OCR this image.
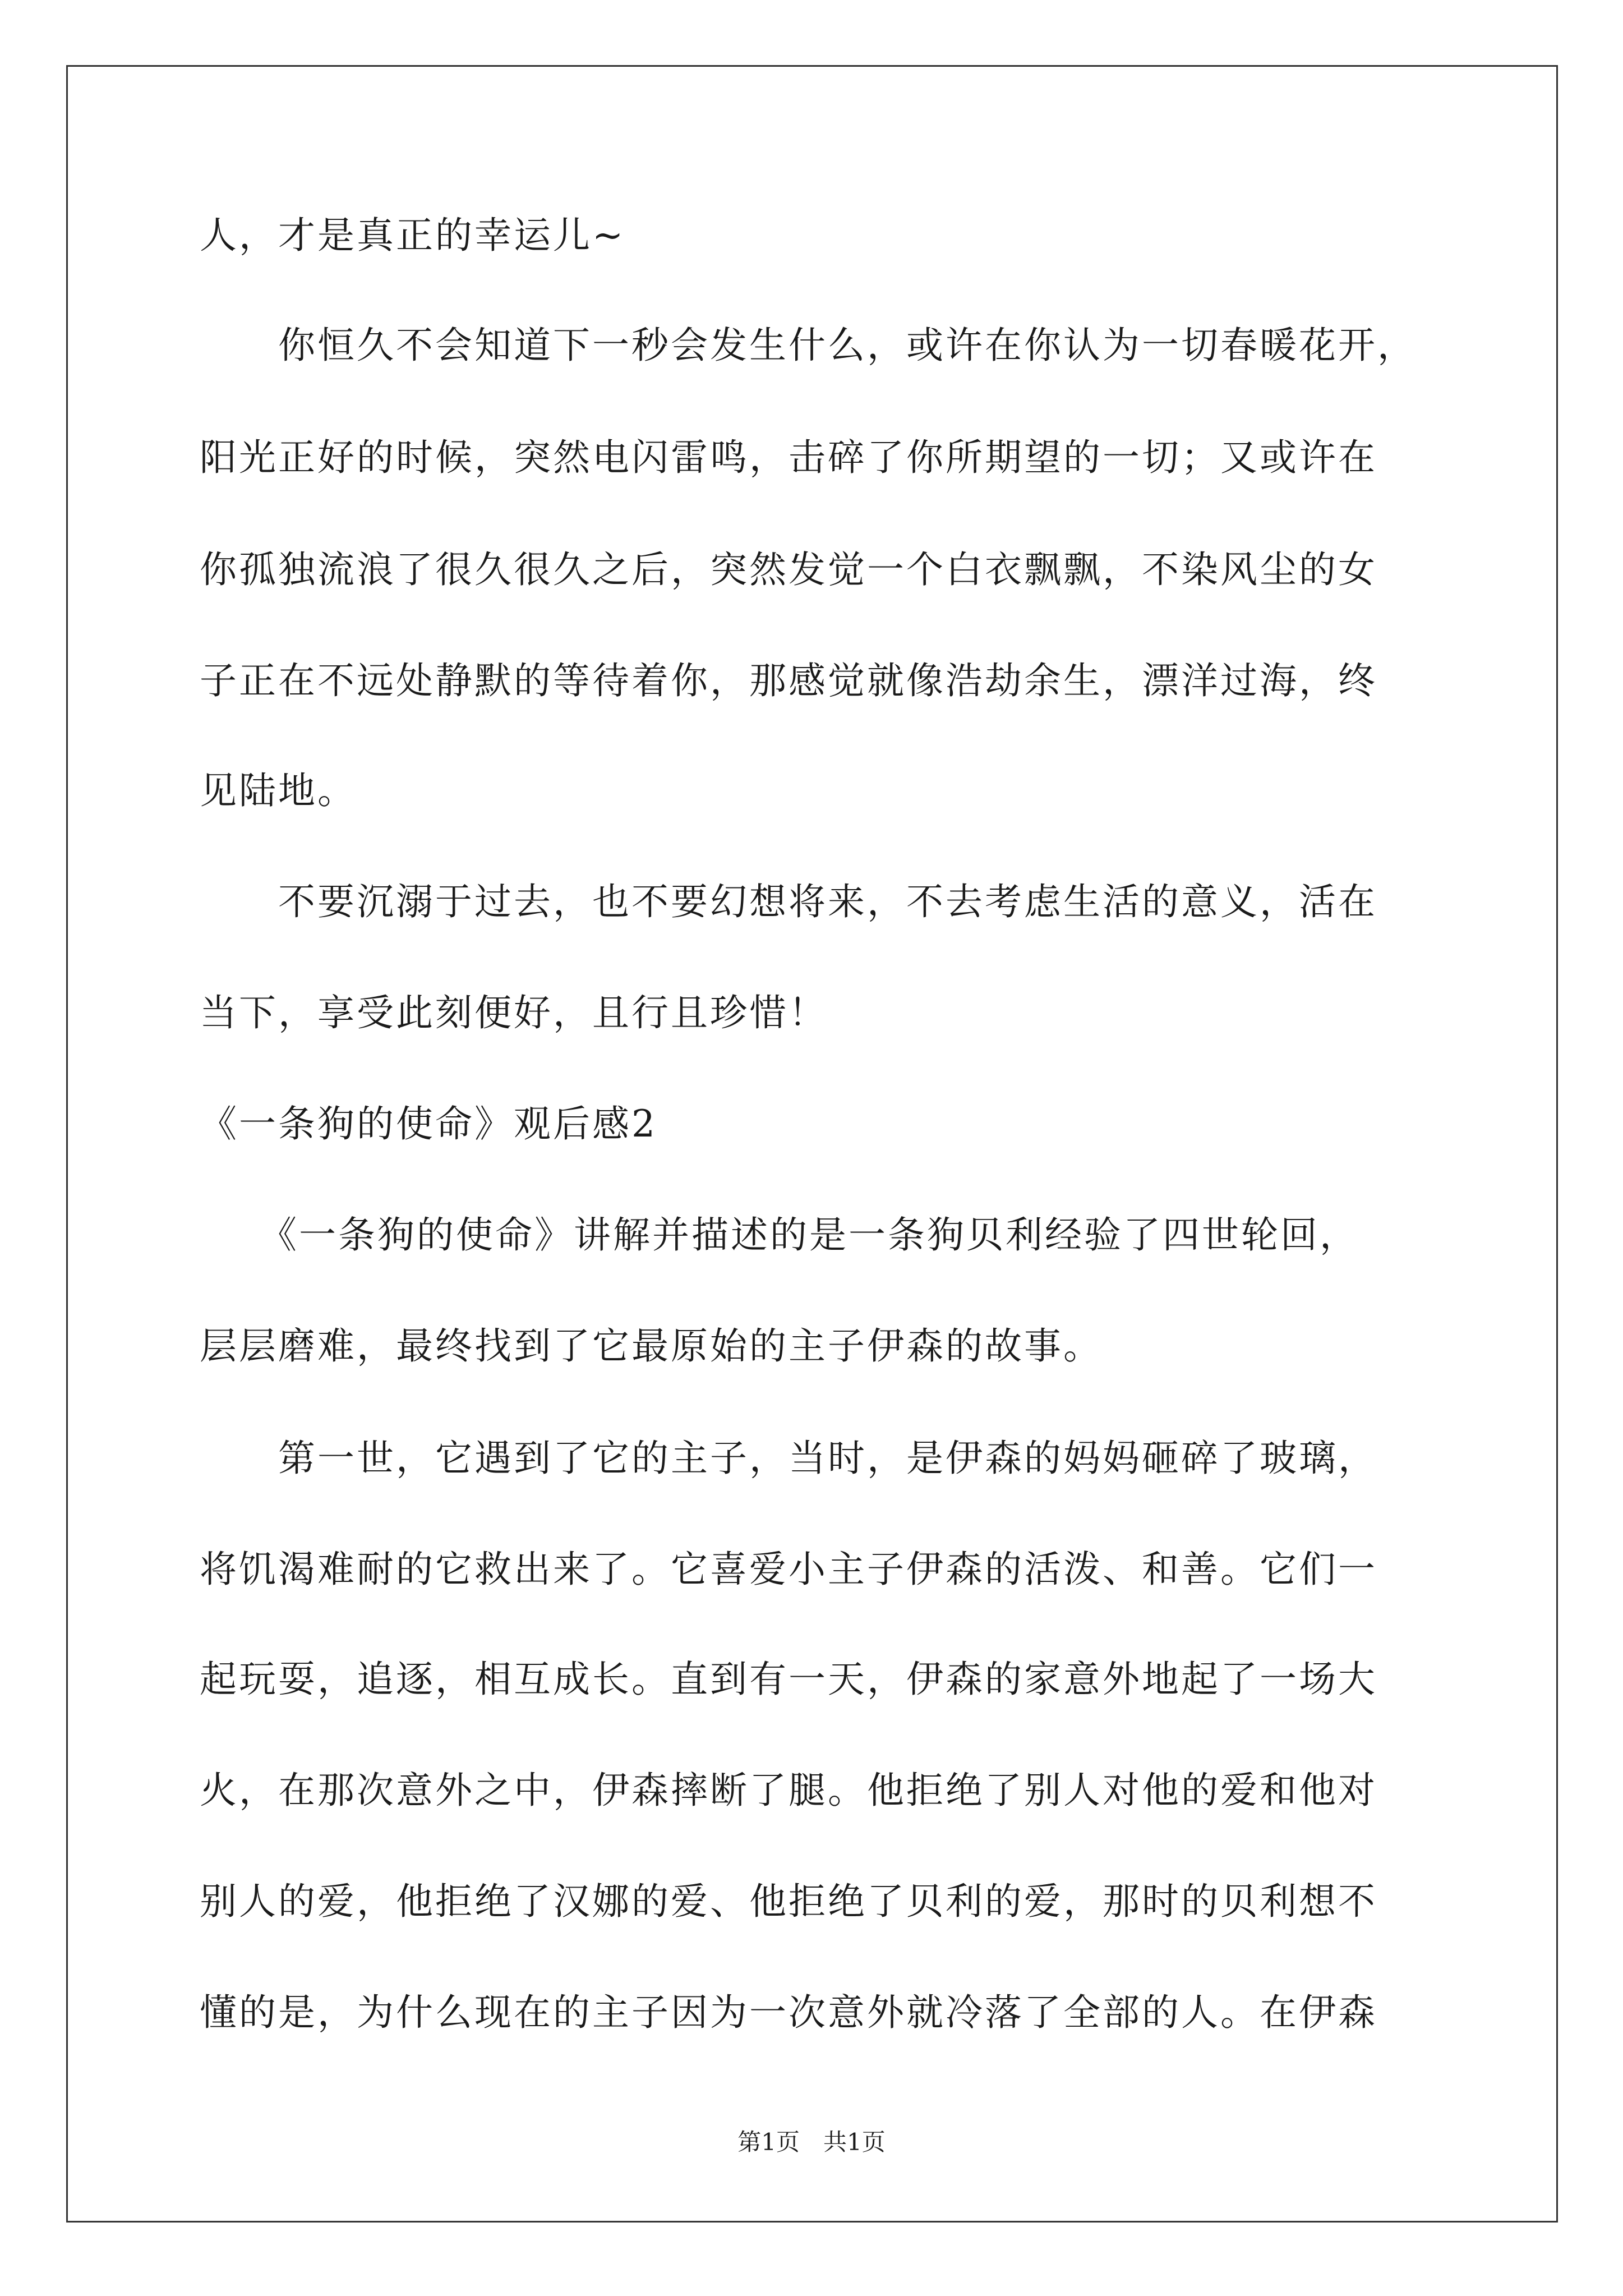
人，才是真正的幸运儿~
　　你恒久不会知道下一秒会发生什么，或许在你认为一切春暖花开，
阳光正好的时候，突然电闪雷鸣，击碎了你所期望的一切；又或许在
你孤独流浪了很久很久之后，突然发觉一个白衣飘飘，不染风尘的女
子正在不远处静默的等待着你，那感觉就像浩劫余生，漂洋过海，终
见陆地。
　　不要沉溺于过去，也不要幻想将来，不去考虑生活的意义，活在
当下，享受此刻便好，且行且珍惜！
《一条狗的使命》观后感2
　　《一条狗的使命》讲解并描述的是一条狗贝利经验了四世轮回，
层层磨难，最终找到了它最原始的主子伊森的故事。
　　第一世，它遇到了它的主子，当时，是伊森的妈妈砸碎了玻璃，
将饥渴难耐的它救出来了。它喜爱小主子伊森的活泼、和善。它们一
起玩耍，追逐，相互成长。直到有一天，伊森的家意外地起了一场大
火，在那次意外之中，伊森摔断了腿。他拒绝了别人对他的爱和他对
别人的爱，他拒绝了汉娜的爱、他拒绝了贝利的爱，那时的贝利想不
懂的是，为什么现在的主子因为一次意外就冷落了全部的人。在伊森
第1页　共1页
